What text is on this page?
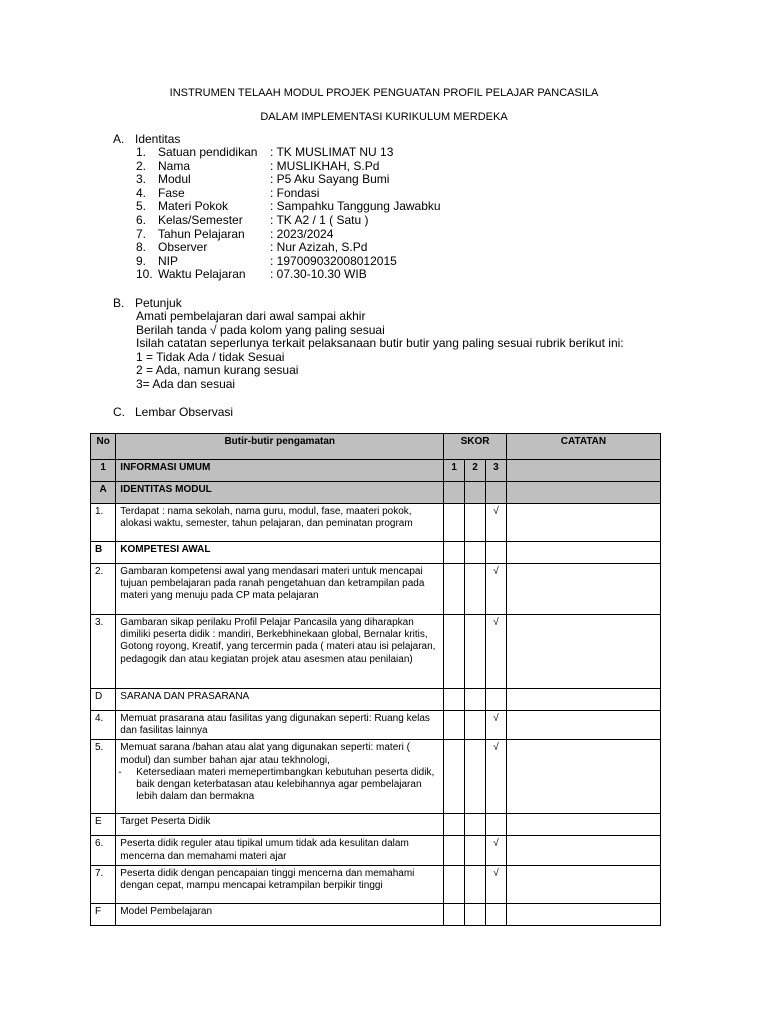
INSTRUMEN TELAAH MODUL PROJEK PENGUATAN PROFIL PELAJAR PANCASILA
DALAM IMPLEMENTASI KURIKULUM MERDEKA
A. Identitas
1. Satuan pendidikan	: TK MUSLIMAT NU 13
2. Nama	: MUSLIKHAH, S.Pd
3. Modul	: P5 Aku Sayang Bumi
4. Fase	: Fondasi
5. Materi Pokok	: Sampahku Tanggung Jawabku
6. Kelas/Semester	: TK A2 / 1 ( Satu )
7. Tahun Pelajaran	: 2023/2024
8. Observer	: Nur Azizah, S.Pd
9. NIP	: 197009032008012015
10. Waktu Pelajaran	: 07.30-10.30 WIB
B. Petunjuk
Amati pembelajaran dari awal sampai akhir
Berilah tanda √ pada kolom yang paling sesuai
Isilah catatan seperlunya terkait pelaksanaan butir butir yang paling sesuai rubrik berikut ini:
1 = Tidak Ada / tidak Sesuai
2 = Ada, namun kurang sesuai
3= Ada dan sesuai
C. Lembar Observasi
No	Butir-butir pengamatan	SKOR			CATATAN
1	INFORMASI UMUM	1	2	3	
A	IDENTITAS MODUL				
1.	Terdapat : nama sekolah, nama guru, modul, fase, maateri pokok, alokasi waktu, semester, tahun pelajaran, dan peminatan program			√	
B	KOMPETESI AWAL				
2.	Gambaran kompetensi awal yang mendasari materi untuk mencapai tujuan pembelajaran pada ranah pengetahuan dan ketrampilan pada materi yang menuju pada CP mata pelajaran			√	
3.	Gambaran sikap perilaku Profil Pelajar Pancasila yang diharapkan dimiliki peserta didik : mandiri, Berkebhinekaan global, Bernalar kritis, Gotong royong, Kreatif, yang tercermin pada ( materi atau isi pelajaran, pedagogik dan atau kegiatan projek atau asesmen atau penilaian)			√	
D	SARANA DAN PRASARANA				
4.	Memuat prasarana atau fasilitas yang digunakan seperti: Ruang kelas dan fasilitas lainnya			√	
5.	Memuat sarana /bahan atau alat yang digunakan seperti: materi ( modul) dan sumber bahan ajar atau tekhnologi,
- Ketersediaan materi memepertimbangkan kebutuhan peserta didik, baik dengan keterbatasan atau kelebihannya agar pembelajaran lebih dalam dan bermakna			√	
E	Target Peserta Didik				
6.	Peserta didik reguler atau tipikal umum tidak ada kesulitan dalam mencerna dan memahami materi ajar			√	
7.	Peserta didik dengan pencapaian tinggi mencerna dan memahami dengan cepat, mampu mencapai ketrampilan berpikir tinggi			√	
F	Model Pembelajaran				
